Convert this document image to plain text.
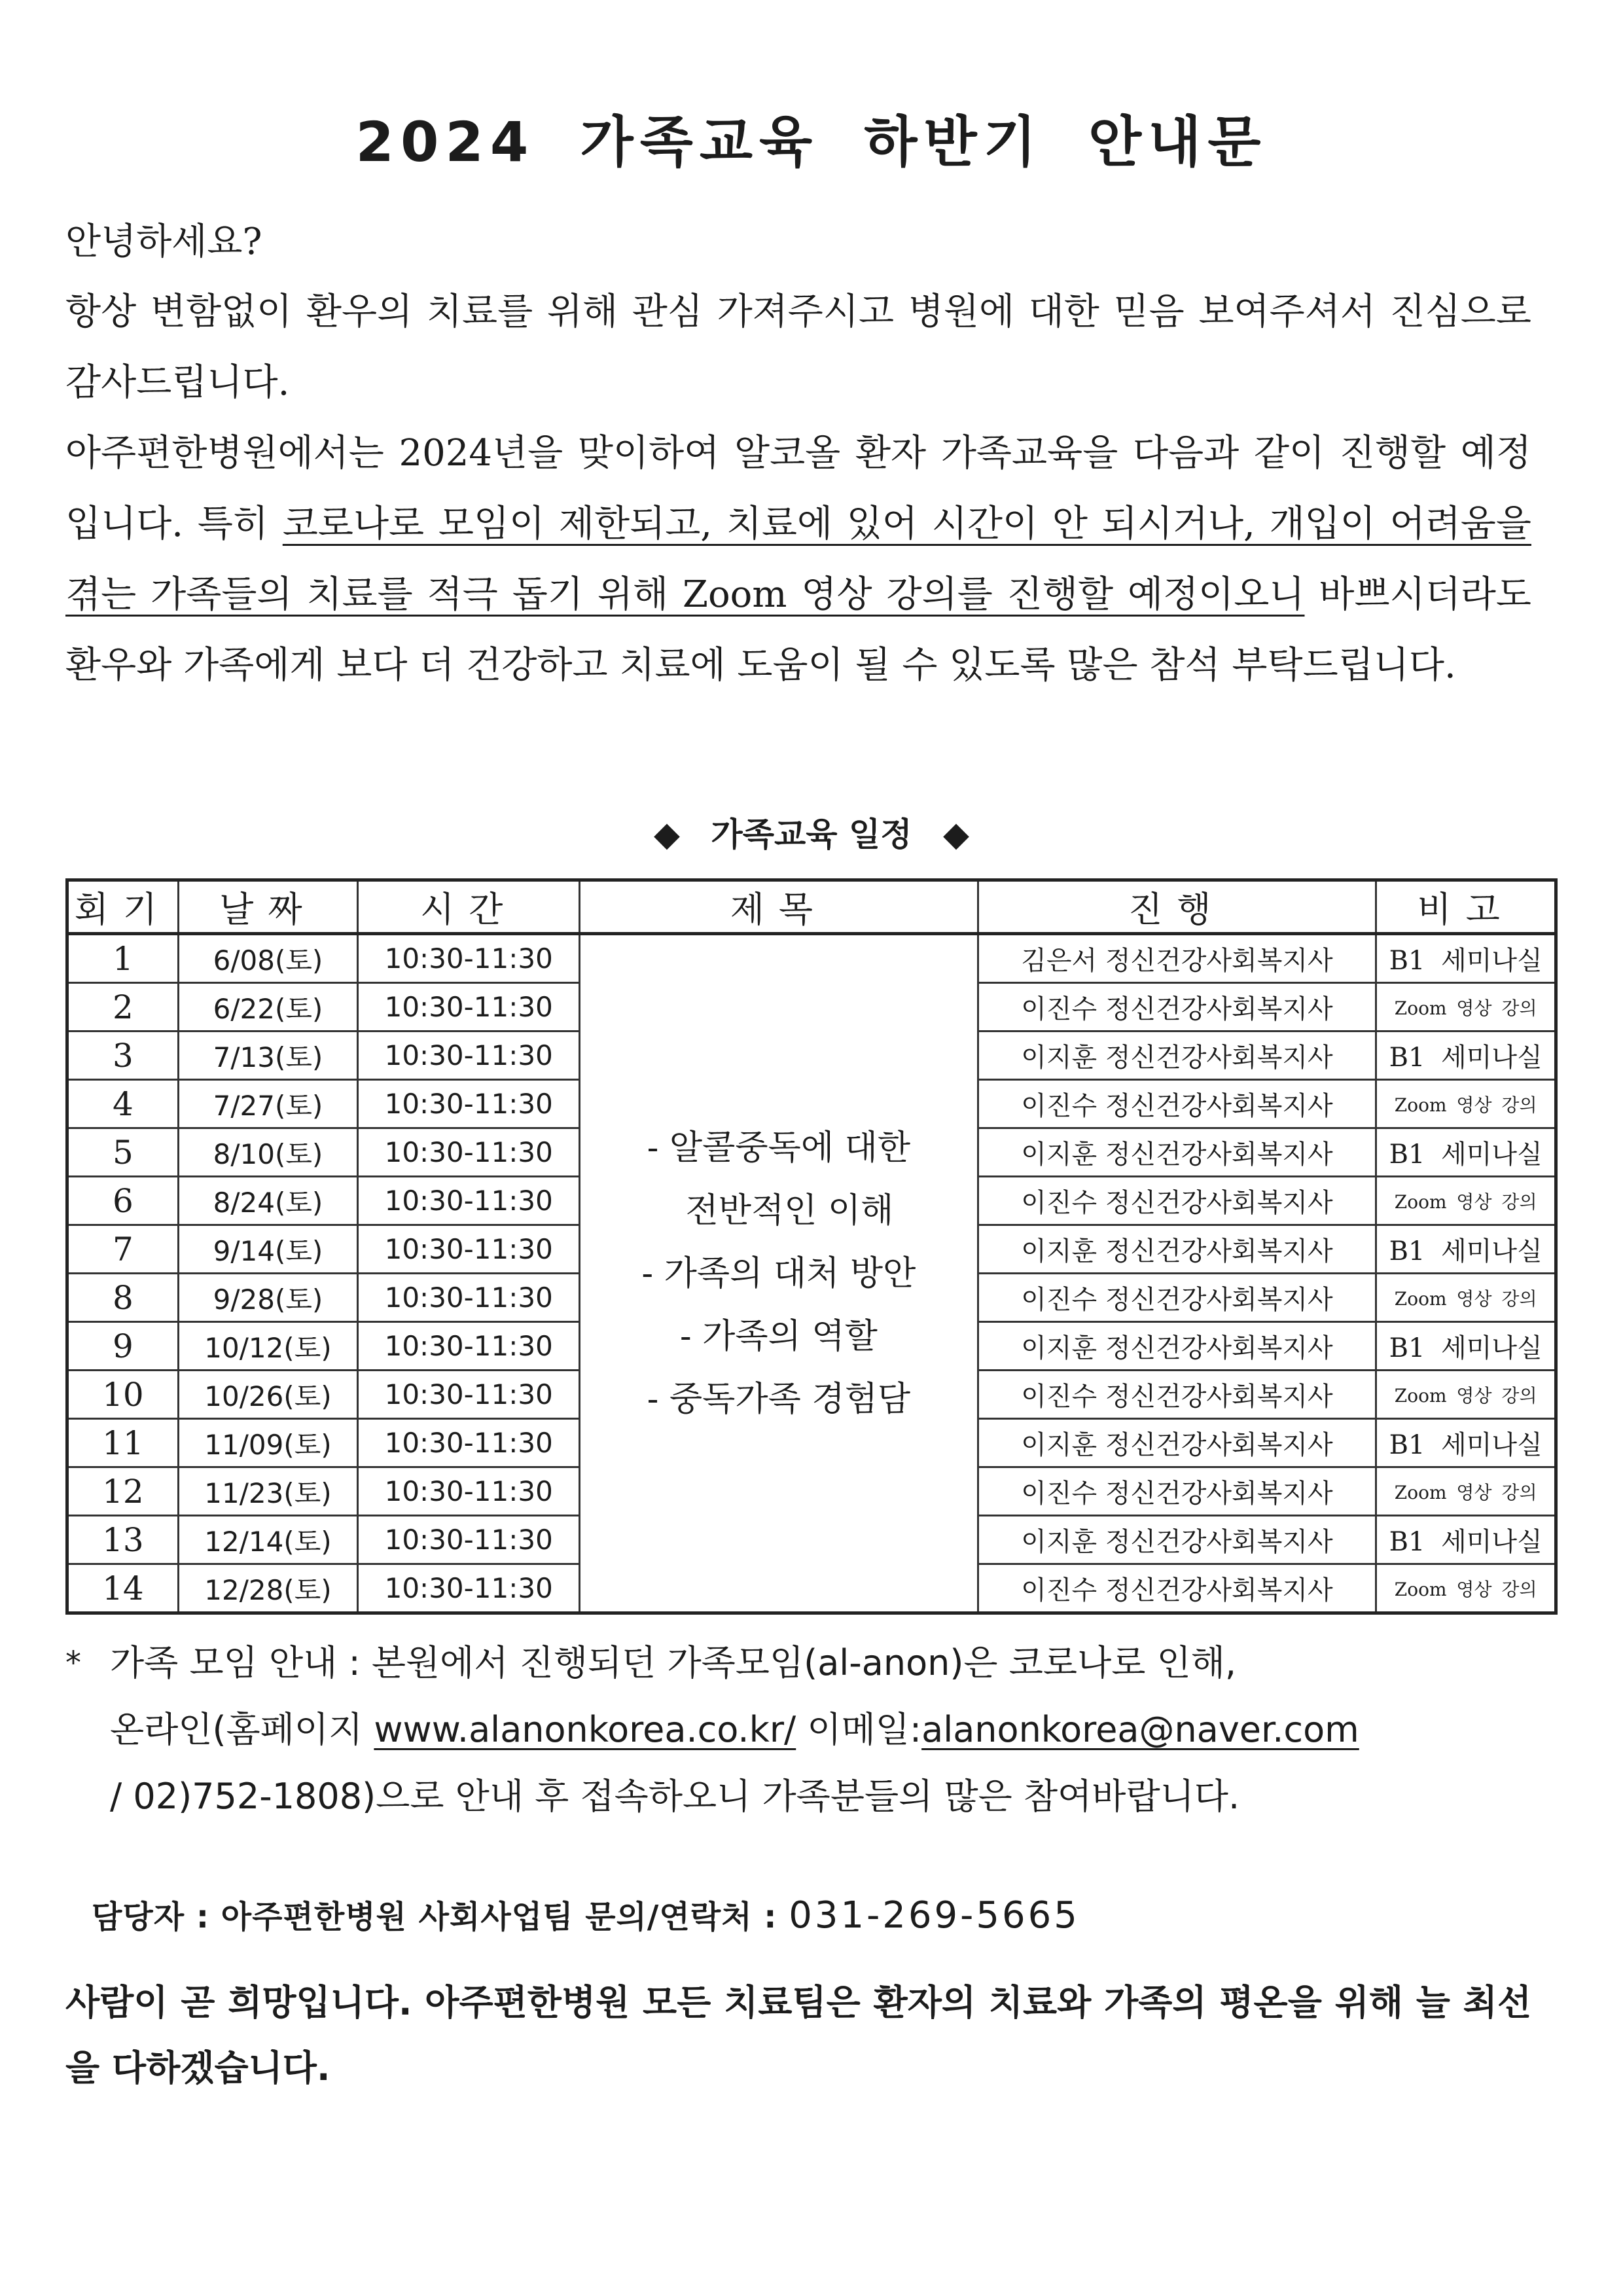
2024 가족교육 하반기 안내문
안녕하세요?

항상 변함없이 환우의 치료를 위해 관심 가져주시고 병원에 대한 믿음 보여주셔서 진심으로 감사드립니다.

아주편한병원에서는 2024년을 맞이하여 알코올 환자 가족교육을 다음과 같이 진행할 예정입니다. 특히 코로나로 모임이 제한되고, 치료에 있어 시간이 안 되시거나, 개입이 어려움을 겪는 가족들의 치료를 적극 돕기 위해 Zoom 영상 강의를 진행할 예정이오니 바쁘시더라도 환우와 가족에게 보다 더 건강하고 치료에 도움이 될 수 있도록 많은 참석 부탁드립니다.

◆ 가족교육 일정 ◆
회기	날짜	시간	제목	진행	비고
1	6/08(토)	10:30-11:30	- 알콜중독에 대한
전반적인 이해
- 가족의 대처 방안
- 가족의 역할
- 중독가족 경험담	김은서 정신건강사회복지사	B1 세미나실
2	6/22(토)	10:30-11:30		이진수 정신건강사회복지사	Zoom 영상 강의
3	7/13(토)	10:30-11:30		이지훈 정신건강사회복지사	B1 세미나실
4	7/27(토)	10:30-11:30		이진수 정신건강사회복지사	Zoom 영상 강의
5	8/10(토)	10:30-11:30		이지훈 정신건강사회복지사	B1 세미나실
6	8/24(토)	10:30-11:30		이진수 정신건강사회복지사	Zoom 영상 강의
7	9/14(토)	10:30-11:30		이지훈 정신건강사회복지사	B1 세미나실
8	9/28(토)	10:30-11:30		이진수 정신건강사회복지사	Zoom 영상 강의
9	10/12(토)	10:30-11:30		이지훈 정신건강사회복지사	B1 세미나실
10	10/26(토)	10:30-11:30		이진수 정신건강사회복지사	Zoom 영상 강의
11	11/09(토)	10:30-11:30		이지훈 정신건강사회복지사	B1 세미나실
12	11/23(토)	10:30-11:30		이진수 정신건강사회복지사	Zoom 영상 강의
13	12/14(토)	10:30-11:30		이지훈 정신건강사회복지사	B1 세미나실
14	12/28(토)	10:30-11:30		이진수 정신건강사회복지사	Zoom 영상 강의
* 가족 모임 안내 : 본원에서 진행되던 가족모임(al-anon)은 코로나로 인해,
온라인(홈페이지 www.alanonkorea.co.kr/ 이메일:alanonkorea@naver.com
/ 02)752-1808)으로 안내 후 접속하오니 가족분들의 많은 참여바랍니다.
담당자 : 아주편한병원 사회사업팀 문의/연락처 : 031-269-5665
사람이 곧 희망입니다. 아주편한병원 모든 치료팀은 환자의 치료와 가족의 평온을 위해 늘 최선을 다하겠습니다.
